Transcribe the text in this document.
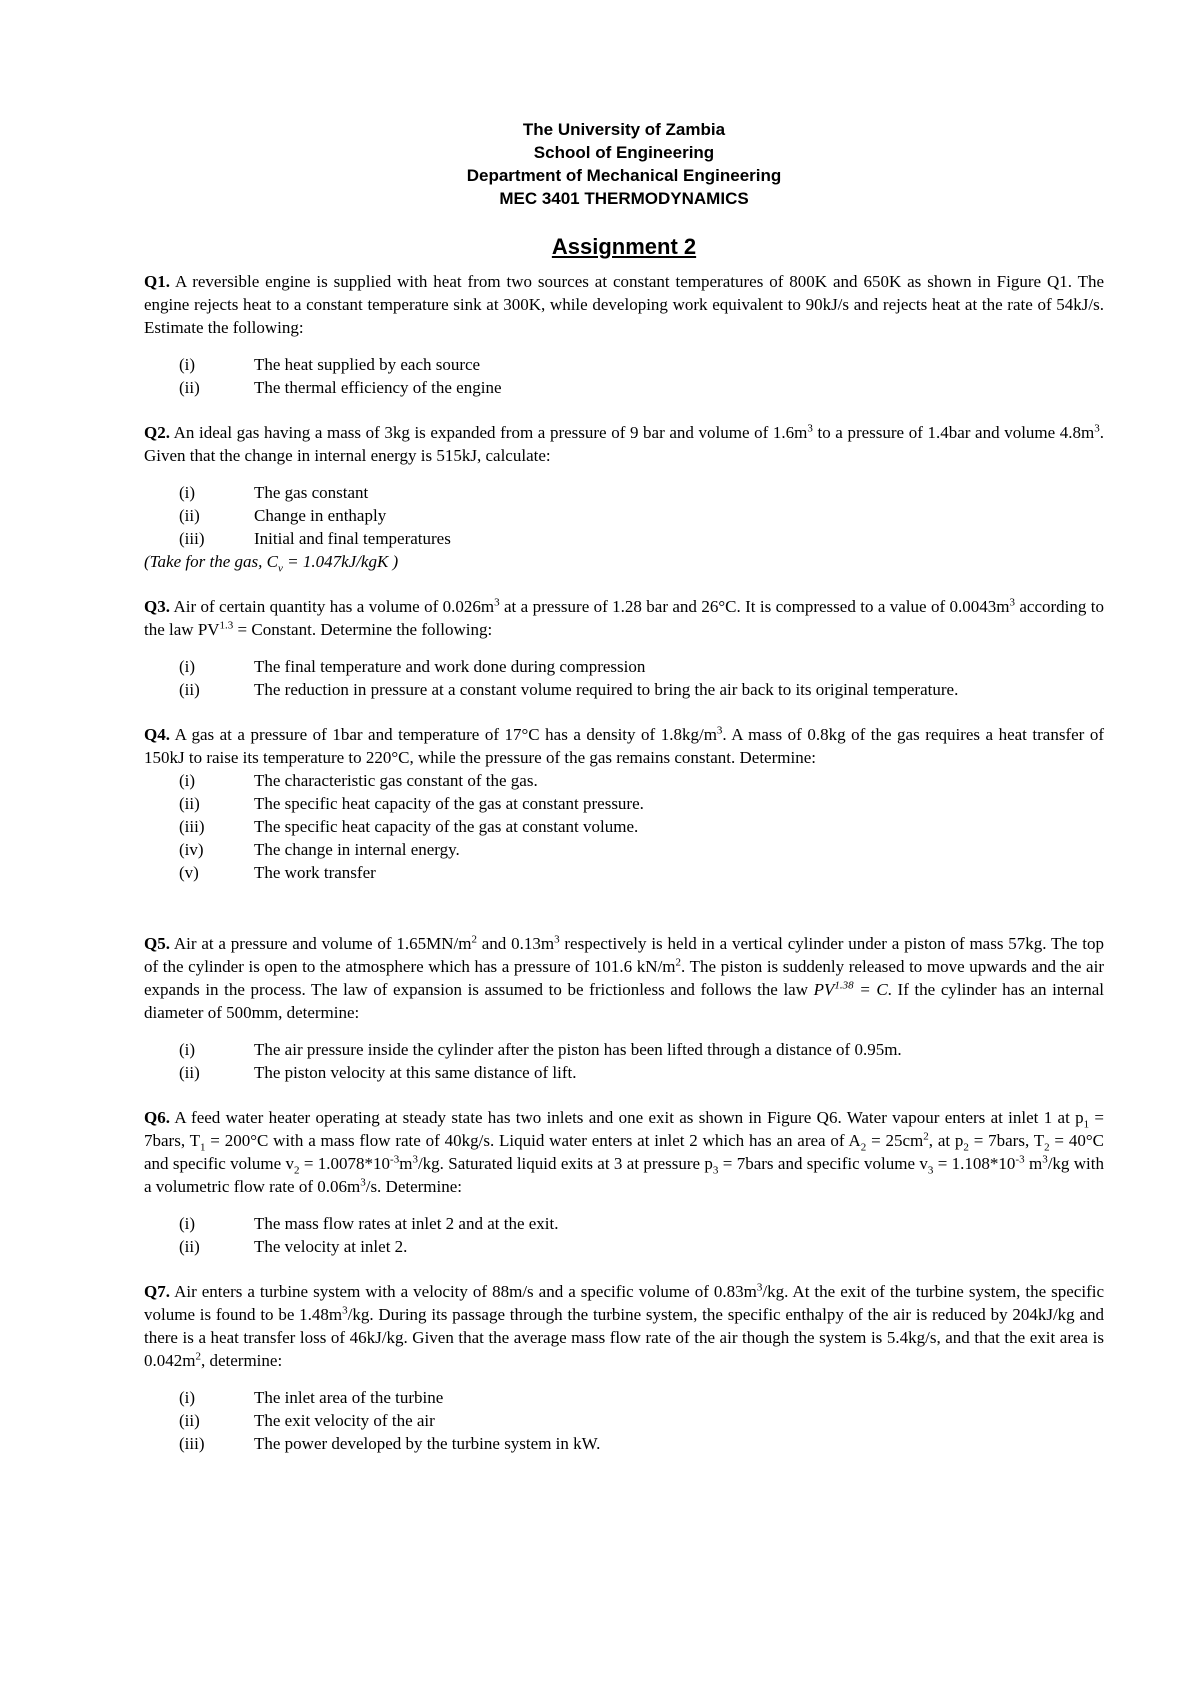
The University of Zambia
School of Engineering
Department of Mechanical Engineering
MEC 3401 THERMODYNAMICS
Assignment 2

Q1. A reversible engine is supplied with heat from two sources at constant temperatures of 800K and 650K as shown in Figure Q1. The engine rejects heat to a constant temperature sink at 300K, while developing work equivalent to 90kJ/s and rejects heat at the rate of 54kJ/s. Estimate the following:

(i)	The heat supplied by each source
(ii)	The thermal efficiency of the engine

Q2. An ideal gas having a mass of 3kg is expanded from a pressure of 9 bar and volume of $1.6m^3$ to a pressure of 1.4bar and volume $4.8m^3$. Given that the change in internal energy is 515kJ, calculate:

(i)	The gas constant
(ii)	Change in enthaply
(iii)	Initial and final temperatures

(Take for the gas, $C_v = 1.047kJ/kgK$ )

Q3. Air of certain quantity has a volume of $0.026m^3$ at a pressure of 1.28 bar and 26°C. It is compressed to a value of $0.0043m^3$ according to the law $PV^{1.3}$ = Constant. Determine the following:

(i)	The final temperature and work done during compression
(ii)	The reduction in pressure at a constant volume required to bring the air back to its original temperature.

Q4. A gas at a pressure of 1bar and temperature of 17°C has a density of $1.8kg/m^3$. A mass of 0.8kg of the gas requires a heat transfer of 150kJ to raise its temperature to 220°C, while the pressure of the gas remains constant. Determine:

(i)	The characteristic gas constant of the gas.
(ii)	The specific heat capacity of the gas at constant pressure.
(iii)	The specific heat capacity of the gas at constant volume.
(iv)	The change in internal energy.
(v)	The work transfer

Q5. Air at a pressure and volume of $1.65MN/m^2$ and $0.13m^3$ respectively is held in a vertical cylinder under a piston of mass 57kg. The top of the cylinder is open to the atmosphere which has a pressure of 101.6 $kN/m^2$. The piston is suddenly released to move upwards and the air expands in the process. The law of expansion is assumed to be frictionless and follows the law $PV^{1.38} = C$. If the cylinder has an internal diameter of 500mm, determine:

(i)	The air pressure inside the cylinder after the piston has been lifted through a distance of 0.95m.
(ii)	The piston velocity at this same distance of lift.

Q6. A feed water heater operating at steady state has two inlets and one exit as shown in Figure Q6. Water vapour enters at inlet 1 at $p_1$ = 7bars, $T_1 = 200^\circ C$ with a mass flow rate of 40kg/s. Liquid water enters at inlet 2 which has an area of $A_2 = 25cm^2$, at $p_2$ = 7bars, $T_2 = 40^\circ C$ and specific volume $v_2 = 1.0078*10^{-3}m^3/kg$. Saturated liquid exits at 3 at pressure $p_3$ = 7bars and specific volume $v_3 = 1.108*10^{-3}$ $m^3/kg$ with a volumetric flow rate of $0.06m^3/s$. Determine:

(i)	The mass flow rates at inlet 2 and at the exit.
(ii)	The velocity at inlet 2.

Q7. Air enters a turbine system with a velocity of 88m/s and a specific volume of $0.83m^3/kg$. At the exit of the turbine system, the specific volume is found to be $1.48m^3/kg$. During its passage through the turbine system, the specific enthalpy of the air is reduced by 204kJ/kg and there is a heat transfer loss of 46kJ/kg. Given that the average mass flow rate of the air though the system is 5.4kg/s, and that the exit area is $0.042m^2$, determine:

(i)	The inlet area of the turbine
(ii)	The exit velocity of the air
(iii)	The power developed by the turbine system in kW.
